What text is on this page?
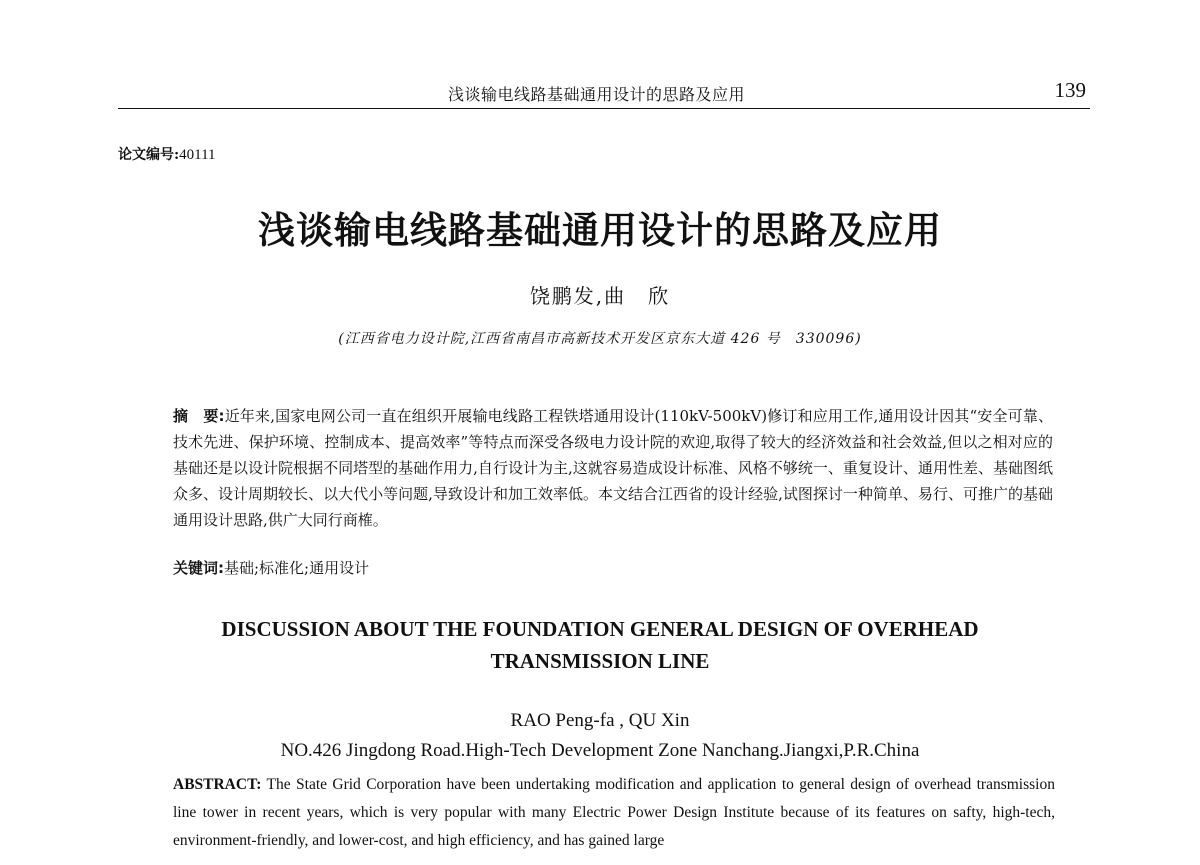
浅谈输电线路基础通用设计的思路及应用	139
论文编号:40111
浅谈输电线路基础通用设计的思路及应用
饶鹏发,曲　欣
(江西省电力设计院,江西省南昌市高新技术开发区京东大道 426 号　330096)
摘　要:近年来,国家电网公司一直在组织开展输电线路工程铁塔通用设计(110kV-500kV)修订和应用工作,通用设计因其“安全可靠、技术先进、保护环境、控制成本、提高效率”等特点而深受各级电力设计院的欢迎,取得了较大的经济效益和社会效益,但以之相对应的基础还是以设计院根据不同塔型的基础作用力,自行设计为主,这就容易造成设计标准、风格不够统一、重复设计、通用性差、基础图纸众多、设计周期较长、以大代小等问题,导致设计和加工效率低。本文结合江西省的设计经验,试图探讨一种简单、易行、可推广的基础通用设计思路,供广大同行商榷。
关键词:基础;标准化;通用设计
DISCUSSION ABOUT THE FOUNDATION GENERAL DESIGN OF OVERHEAD
TRANSMISSION LINE
RAO Peng-fa , QU Xin
NO.426 Jingdong Road.High-Tech Development Zone Nanchang.Jiangxi,P.R.China
ABSTRACT: The State Grid Corporation have been undertaking modification and application to general design of overhead transmission line tower in recent years, which is very popular with many Electric Power Design Institute because of its features on safty, high-tech, environment-friendly, and lower-cost, and high efficiency, and has gained large
